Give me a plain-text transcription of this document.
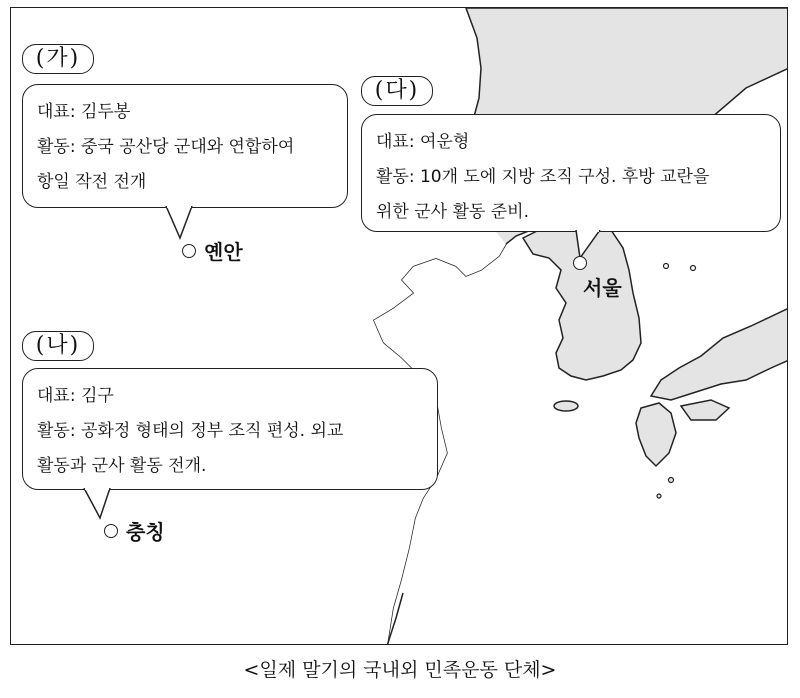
(가)
대표: 김두봉
활동: 중국 공산당 군대와 연합하여
항일 작전 전개
옌안
(다)
대표: 여운형
활동: 10개 도에 지방 조직 구성. 후방 교란을
위한 군사 활동 준비.
서울
(나)
대표: 김구
활동: 공화정 형태의 정부 조직 편성. 외교
활동과 군사 활동 전개.
충칭
<일제 말기의 국내외 민족운동 단체>
